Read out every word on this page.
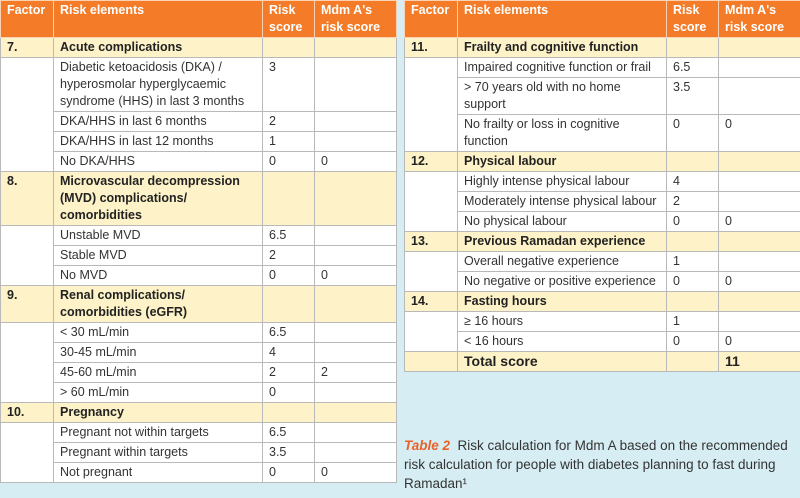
Factor	Risk elements	Risk score	Mdm A's risk score
7.	Acute complications		
	Diabetic ketoacidosis (DKA) / hyperosmolar hyperglycaemic syndrome (HHS) in last 3 months	3	
	DKA/HHS in last 6 months	2	
	DKA/HHS in last 12 months	1	
	No DKA/HHS	0	0
8.	Microvascular decompression (MVD) complications/ comorbidities		
	Unstable MVD	6.5	
	Stable MVD	2	
	No MVD	0	0
9.	Renal complications/ comorbidities (eGFR)		
	< 30 mL/min	6.5	
	30-45 mL/min	4	
	45-60 mL/min	2	2
	> 60 mL/min	0	
10.	Pregnancy		
	Pregnant not within targets	6.5	
	Pregnant within targets	3.5	
	Not pregnant	0	0
Factor	Risk elements	Risk score	Mdm A's risk score
11.	Frailty and cognitive function		
	Impaired cognitive function or frail	6.5	
	> 70 years old with no home support	3.5	
	No frailty or loss in cognitive function	0	0
12.	Physical labour		
	Highly intense physical labour	4	
	Moderately intense physical labour	2	
	No physical labour	0	0
13.	Previous Ramadan experience		
	Overall negative experience	1	
	No negative or positive experience	0	0
14.	Fasting hours		
	≥ 16 hours	1	
	< 16 hours	0	0
	Total score		11
Table 2 Risk calculation for Mdm A based on the recommended risk calculation for people with diabetes planning to fast during Ramadan¹
